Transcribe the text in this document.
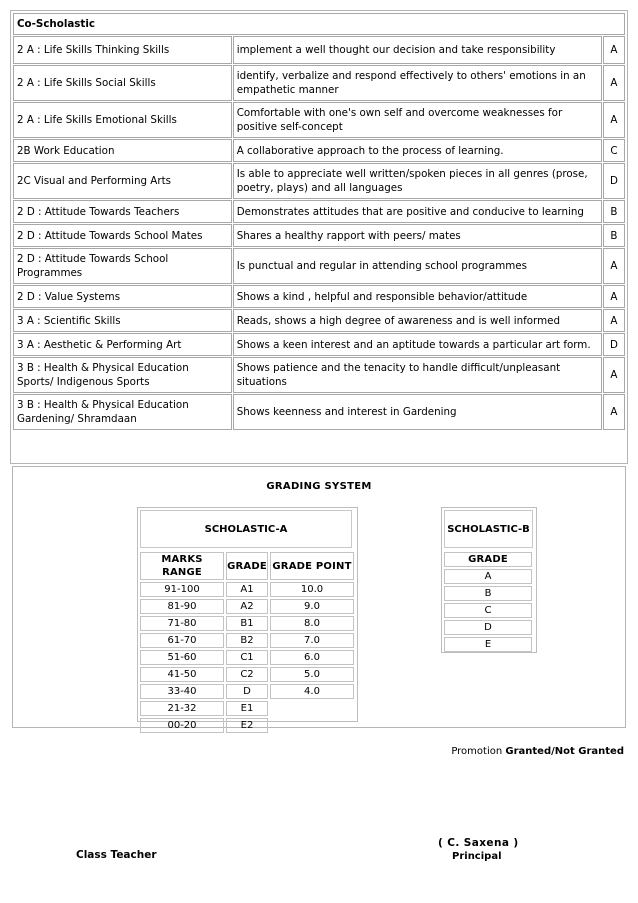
Co-Scholastic		
2 A : Life Skills Thinking Skills	implement a well thought our decision and take responsibility	A
2 A : Life Skills Social Skills	identify, verbalize and respond effectively to others' emotions in an empathetic manner	A
2 A : Life Skills Emotional Skills	Comfortable with one's own self and overcome weaknesses for positive self-concept	A
2B Work Education	A collaborative approach to the process of learning.	C
2C Visual and Performing Arts	Is able to appreciate well written/spoken pieces in all genres (prose, poetry, plays) and all languages	D
2 D : Attitude Towards Teachers	Demonstrates attitudes that are positive and conducive to learning	B
2 D : Attitude Towards School Mates	Shares a healthy rapport with peers/ mates	B
2 D : Attitude Towards School Programmes	Is punctual and regular in attending school programmes	A
2 D : Value Systems	Shows a kind , helpful and responsible behavior/attitude	A
3 A : Scientific Skills	Reads, shows a high degree of awareness and is well informed	A
3 A : Aesthetic & Performing Art	Shows a keen interest and an aptitude towards a particular art form.	D
3 B : Health & Physical Education Sports/ Indigenous Sports	Shows patience and the tenacity to handle difficult/unpleasant situations	A
3 B : Health & Physical Education Gardening/ Shramdaan	Shows keenness and interest in Gardening	A
GRADING SYSTEM
SCHOLASTIC-A
MARKS RANGE	GRADE	GRADE POINT
91-100	A1	10.0
81-90	A2	9.0
71-80	B1	8.0
61-70	B2	7.0
51-60	C1	6.0
41-50	C2	5.0
33-40	D	4.0
21-32	E1	
00-20	E2	
SCHOLASTIC-B
GRADE
A
B
C
D
E
Promotion Granted/Not Granted
( C. Saxena )
Principal
Class Teacher
